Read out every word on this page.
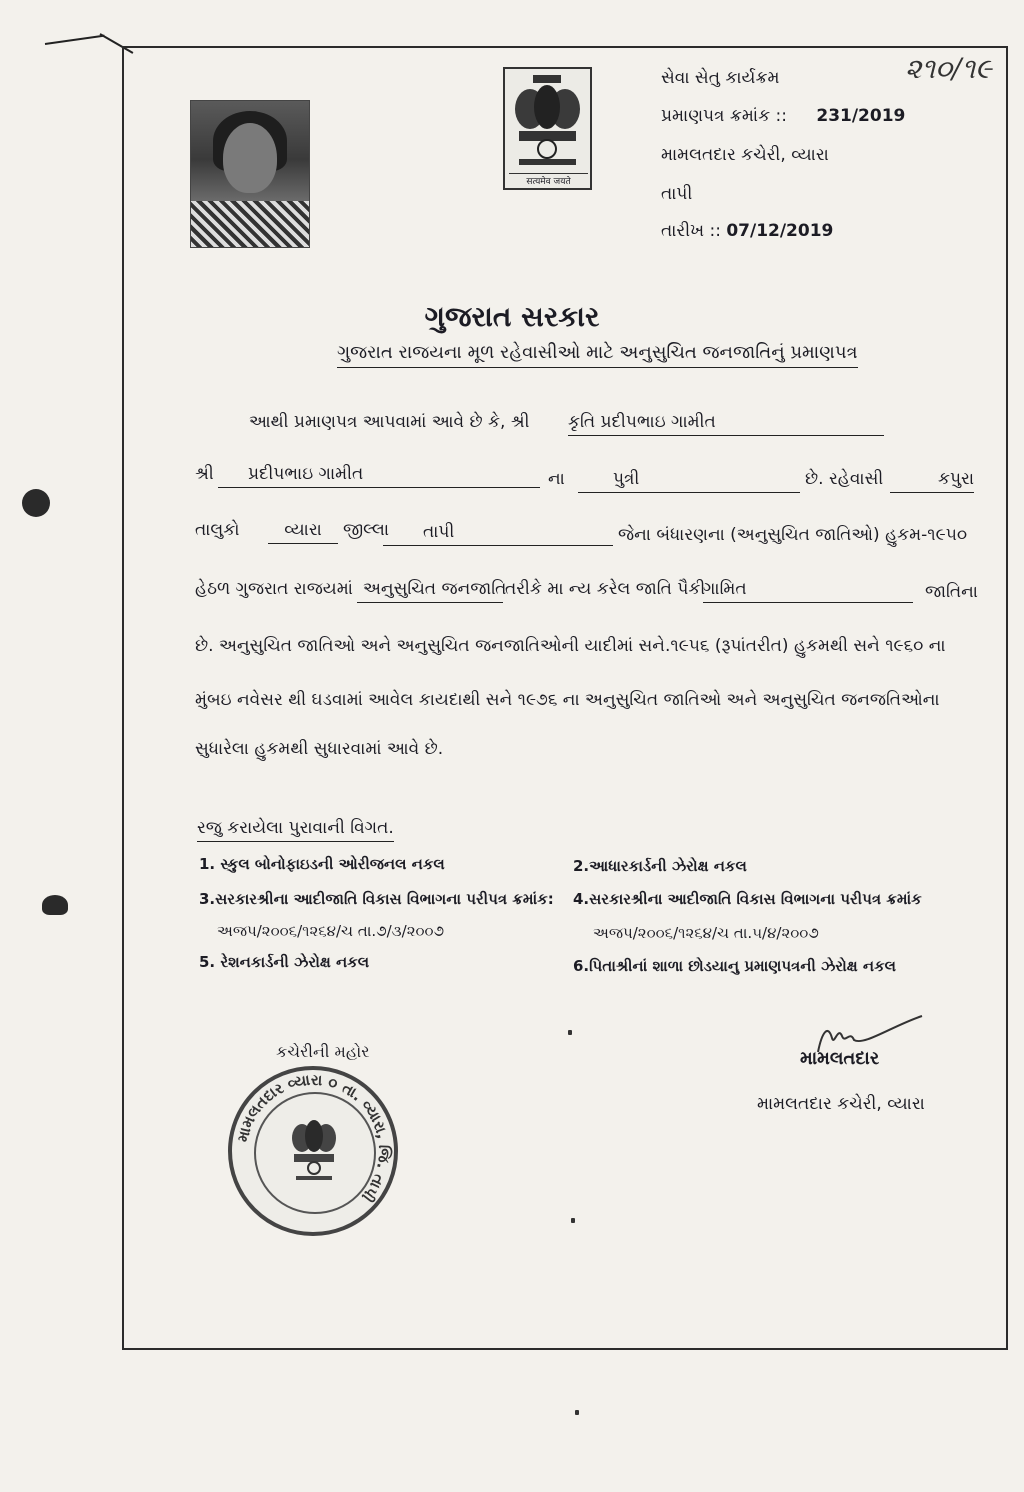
सत्यमेव जयते
સેવા સેતુ કાર્યક્રમ
પ્રમાણપત્ર ક્રમાંક :: 231/2019
મામલતદાર કચેરી, વ્યારા
તાપી
તારીખ :: 07/12/2019
૨૧૦/૧૯
ગુજરાત સરકાર
ગુજરાત રાજયના મૂળ રહેવાસીઓ માટે અનુસુચિત જનજાતિનું પ્રમાણપત્ર
આથી પ્રમાણપત્ર આપવામાં આવે છે કે, શ્રી કૃતિ પ્રદીપભાઇ ગામીત
શ્રી	પ્રદીપભાઇ ગામીત	ના	પુત્રી	છે. રહેવાસી	કપુરા
તાલુકો	વ્યારા	જીલ્લા	તાપી	જેના બંધારણના (અનુસુચિત જાતિઓ) હુકમ-૧૯૫૦
હેઠળ ગુજરાત રાજયમાં અનુસુચિત જનજાતિ
તરીકે મા ન્ય કરેલ જાતિ પૈકી
ગામિત	જાતિના
છે. અનુસુચિત જાતિઓ અને અનુસુચિત જનજાતિઓની યાદીમાં સને.૧૯૫૬ (રૂપાંતરીત) હુકમથી સને ૧૯૬૦ ના
મુંબઇ નવેસર થી ઘડવામાં આવેલ કાયદાથી સને ૧૯૭૬ ના અનુસુચિત જાતિઓ અને અનુસુચિત જનજતિઓના
સુધારેલા હુકમથી સુધારવામાં આવે છે.
રજુ કરાયેલા પુરાવાની વિગત.
1. સ્કુલ બોનોફાઇડની ઓરીજનલ નકલ	2.આધારકાર્ડની ઝેરોક્ષ નકલ
3.સરકારશ્રીના આદીજાતિ વિકાસ વિભાગના પરીપત્ર ક્રમાંક: 4.સરકારશ્રીના આદીજાતિ વિકાસ વિભાગના પરીપત્ર ક્રમાંક
અજપ/૨૦૦૬/૧૨૬૪/ચ તા.૭/૩/૨૦૦૭	અજપ/૨૦૦૬/૧૨૬૪/ચ તા.૫/૪/૨૦૦૭
5. રેશનકાર્ડની ઝેરોક્ષ નકલ	6.પિતાશ્રીનાં શાળા છોડયાનુ પ્રમાણપત્રની ઝેરોક્ષ નકલ
કચેરીની મહોર
મામલતદાર વ્યારા ૦ તા. વ્યારા, જિ. તાપી
મામલતદાર
મામલતદાર કચેરી, વ્યારા
